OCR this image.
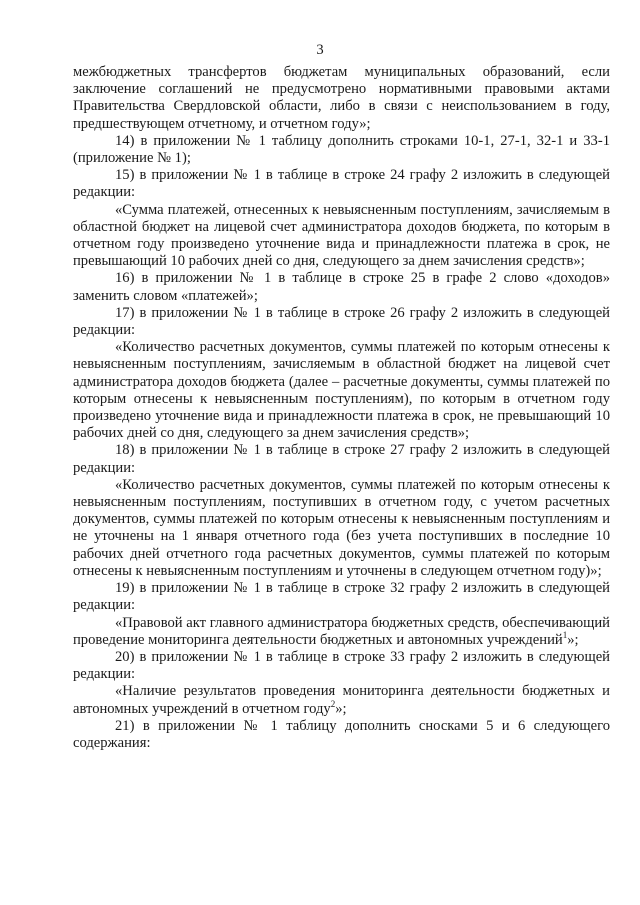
3

межбюджетных трансфертов бюджетам муниципальных образований, если заключение соглашений не предусмотрено нормативными правовыми актами Правительства Свердловской области, либо в связи с неиспользованием в году, предшествующем отчетному, и отчетном году»;

14) в приложении № 1 таблицу дополнить строками 10-1, 27-1, 32-1 и 33-1 (приложение № 1);

15) в приложении № 1 в таблице в строке 24 графу 2 изложить в следующей редакции:

«Сумма платежей, отнесенных к невыясненным поступлениям, зачисляемым в областной бюджет на лицевой счет администратора доходов бюджета, по которым в отчетном году произведено уточнение вида и принадлежности платежа в срок, не превышающий 10 рабочих дней со дня, следующего за днем зачисления средств»;

16) в приложении № 1 в таблице в строке 25 в графе 2 слово «доходов» заменить словом «платежей»;

17) в приложении № 1 в таблице в строке 26 графу 2 изложить в следующей редакции:

«Количество расчетных документов, суммы платежей по которым отнесены к невыясненным поступлениям, зачисляемым в областной бюджет на лицевой счет администратора доходов бюджета (далее – расчетные документы, суммы платежей по которым отнесены к невыясненным поступлениям), по которым в отчетном году произведено уточнение вида и принадлежности платежа в срок, не превышающий 10 рабочих дней со дня, следующего за днем зачисления средств»;

18) в приложении № 1 в таблице в строке 27 графу 2 изложить в следующей редакции:

«Количество расчетных документов, суммы платежей по которым отнесены к невыясненным поступлениям, поступивших в отчетном году, с учетом расчетных документов, суммы платежей по которым отнесены к невыясненным поступлениям и не уточнены на 1 января отчетного года (без учета поступивших в последние 10 рабочих дней отчетного года расчетных документов, суммы платежей по которым отнесены к невыясненным поступлениям и уточнены в следующем отчетном году)»;

19) в приложении № 1 в таблице в строке 32 графу 2 изложить в следующей редакции:

«Правовой акт главного администратора бюджетных средств, обеспечивающий проведение мониторинга деятельности бюджетных и автономных учреждений$^1$»;

20) в приложении № 1 в таблице в строке 33 графу 2 изложить в следующей редакции:

«Наличие результатов проведения мониторинга деятельности бюджетных и автономных учреждений в отчетном году$^2$»;

21) в приложении № 1 таблицу дополнить сносками 5 и 6 следующего содержания:
